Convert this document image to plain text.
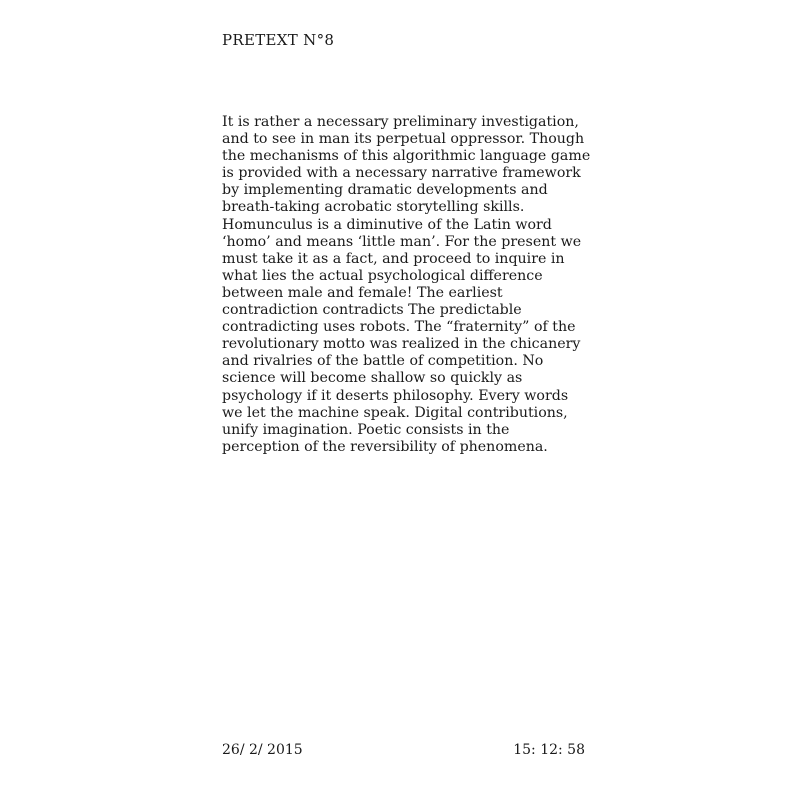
PRETEXT N°8
It is rather a necessary preliminary investigation,
and to see in man its perpetual oppressor. Though
the mechanisms of this algorithmic language game
is provided with a necessary narrative framework
by implementing dramatic developments and
breath-taking acrobatic storytelling skills.
Homunculus is a diminutive of the Latin word
‘homo’ and means ‘little man’. For the present we
must take it as a fact, and proceed to inquire in
what lies the actual psychological difference
between male and female! The earliest
contradiction contradicts The predictable
contradicting uses robots. The “fraternity” of the
revolutionary motto was realized in the chicanery
and rivalries of the battle of competition. No
science will become shallow so quickly as
psychology if it deserts philosophy. Every words
we let the machine speak. Digital contributions,
unify imagination. Poetic consists in the
perception of the reversibility of phenomena.
26/ 2/ 2015	15: 12: 58
